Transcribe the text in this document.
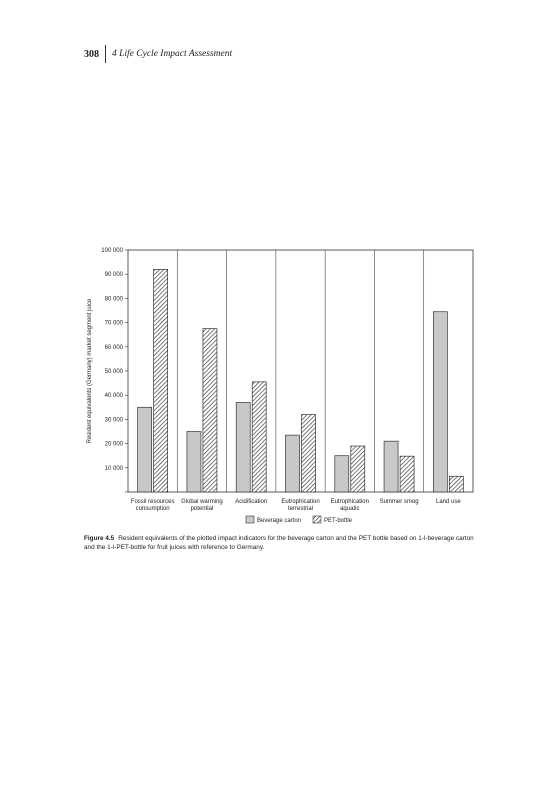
308	4 Life Cycle Impact Assessment
10 000
20 000
30 000
40 000
50 000
60 000
70 000
80 000
90 000
100 000
Resident equivalents (Germany) market segment juice
Fossil resources
consumption
Global warming
potential
Acidification Eutrophication
terrestrial
Eutrophication
aquatic
Summer smog	Land use
Beverage carton	PET-bottle
Figure 4.5 Resident equivalents of the plotted impact indicators for the beverage carton and the PET bottle based on 1-l-beverage carton and the 1-l-PET-bottle for fruit juices with reference to Germany.
